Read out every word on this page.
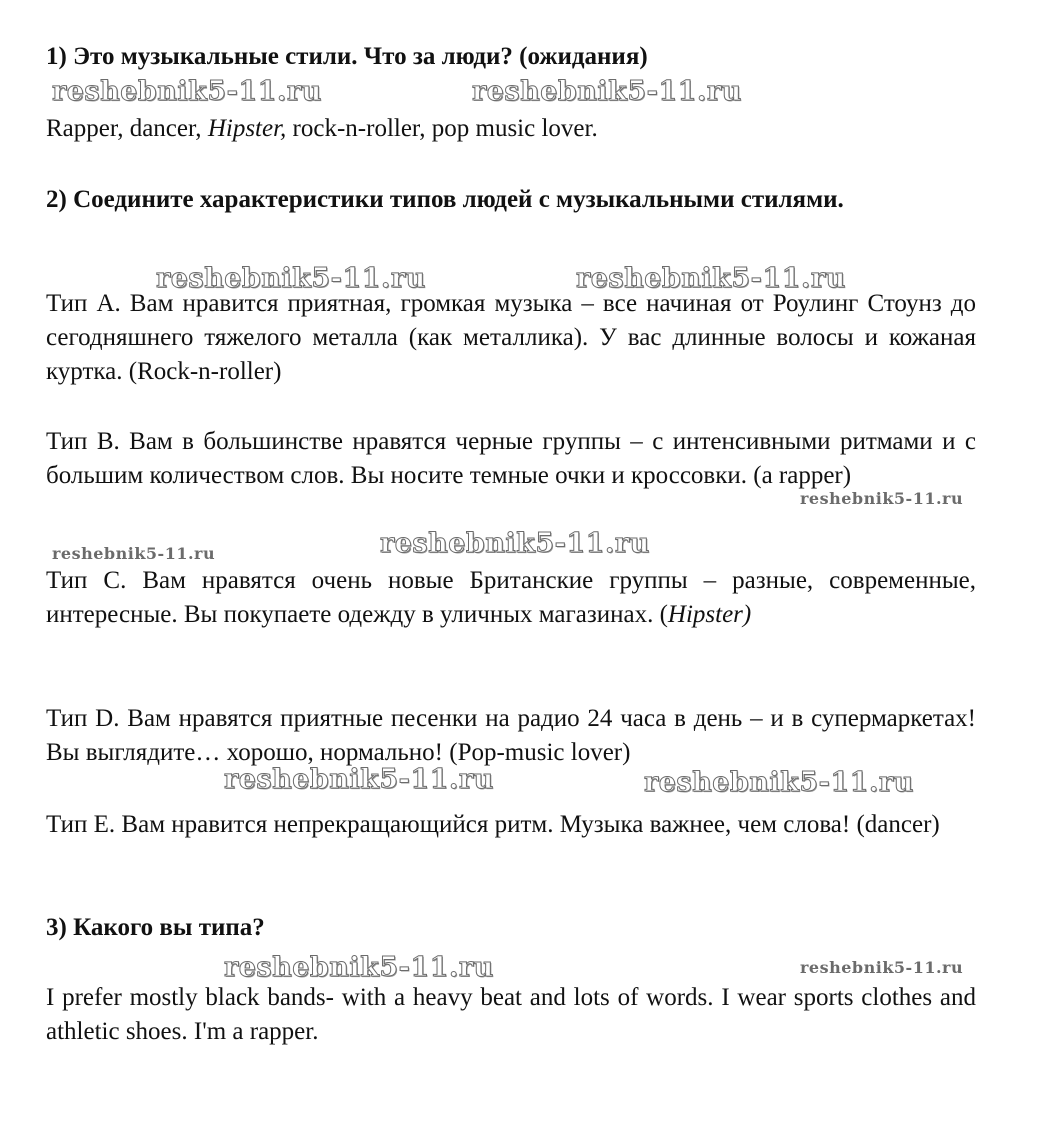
1) Это музыкальные стили. Что за люди? (ожидания)

reshebnik5-11.ru	reshebnik5-11.ru

Rapper, dancer, Hipster, rock-n-roller, pop music lover.

2) Соедините характеристики типов людей с музыкальными стилями.

reshebnik5-11.ru	reshebnik5-11.ru

Тип А. Вам нравится приятная, громкая музыка – все начиная от Роулинг Стоунз до сегодняшнего тяжелого металла (как металлика). У вас длинные волосы и кожаная куртка. (Rock-n-roller)

Тип В. Вам в большинстве нравятся черные группы – с интенсивными ритмами и с большим количеством слов. Вы носите темные очки и кроссовки. (a rapper)

reshebnik5-11.ru
reshebnik5-11.ru	reshebnik5-11.ru

Тип С. Вам нравятся очень новые Британские группы – разные, современные, интересные. Вы покупаете одежду в уличных магазинах. (Hipster)

Тип D. Вам нравятся приятные песенки на радио 24 часа в день – и в супермаркетах! Вы выглядите… хорошо, нормально! (Pop-music lover)

reshebnik5-11.ru	reshebnik5-11.ru

Тип Е. Вам нравится непрекращающийся ритм. Музыка важнее, чем слова! (dancer)

3) Какого вы типа?

reshebnik5-11.ru	reshebnik5-11.ru

I prefer mostly black bands- with a heavy beat and lots of words. I wear sports clothes and athletic shoes. I'm a rapper.
